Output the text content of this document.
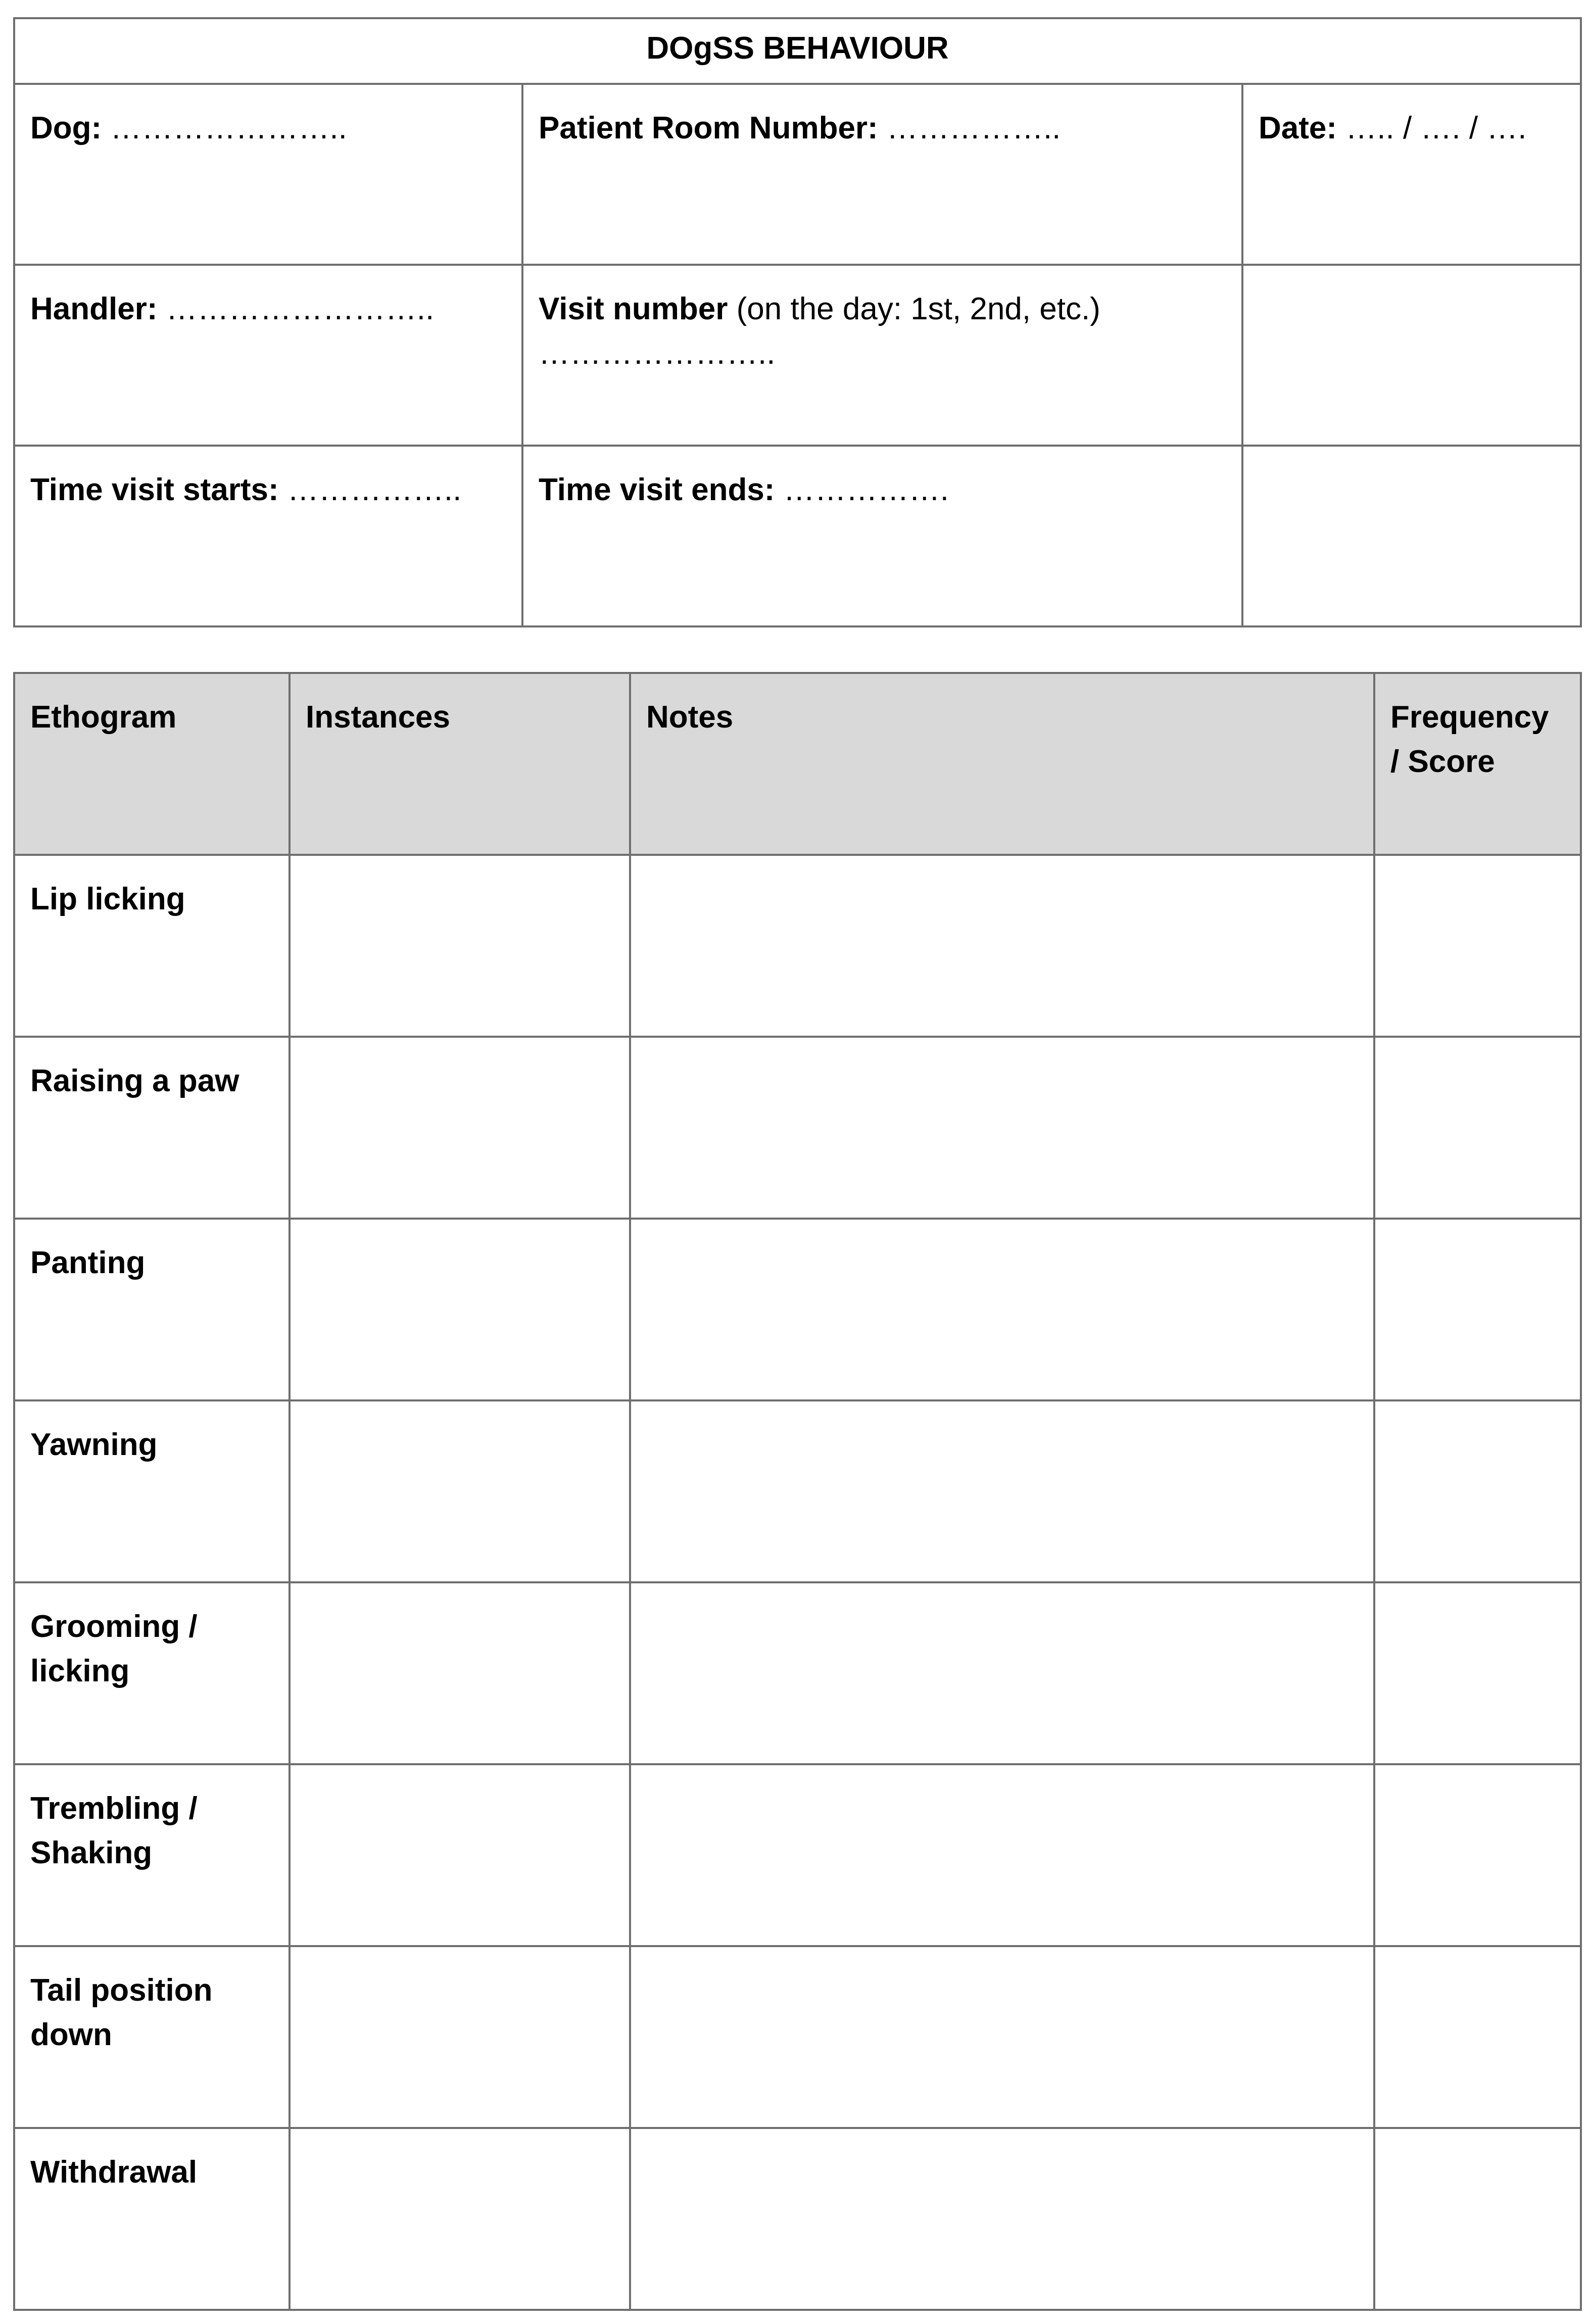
DOgSS BEHAVIOUR		
Dog: …………………..	Patient Room Number: ……………..	Date: ….. / …. / ….
Handler: ……………………..	Visit number (on the day: 1st, 2nd, etc.)
…………………..	

Time visit starts: ……………..	Time visit ends: …………….	
Ethogram	Instances	Notes	Frequency / Score
Lip licking			
Raising a paw			
Panting			
Yawning			
Grooming / licking			
Trembling / Shaking			
Tail position down			
Withdrawal			
